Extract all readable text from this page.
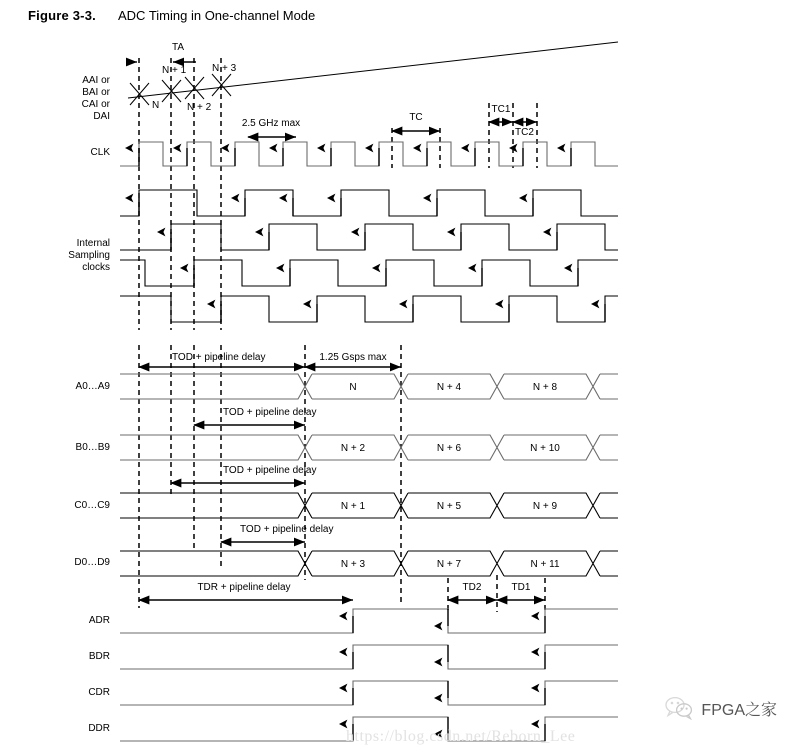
Figure 3-3. ADC Timing in One-channel Mode
AAI or
BAI or
CAI or
DAI
CLK
Internal
Sampling
clocks
A0…A9
B0…B9
C0…C9
D0…D9
ADR
BDR
CDR
DDR
TA
N
N + 1
N + 2
N + 3
2.5 GHz max
TC
TC1
TC2
TOD + pipeline delay	1.25 Gsps max
N	N + 4	N + 8
TOD + pipeline delay
N + 2	N + 6	N + 10
TOD + pipeline delay
N + 1	N + 5	N + 9
TOD + pipeline delay
N + 3	N + 7	N + 11
TDR + pipeline delay	TD2	TD1
https://blog.csdn.net/Reborn_Lee
FPGA之家
